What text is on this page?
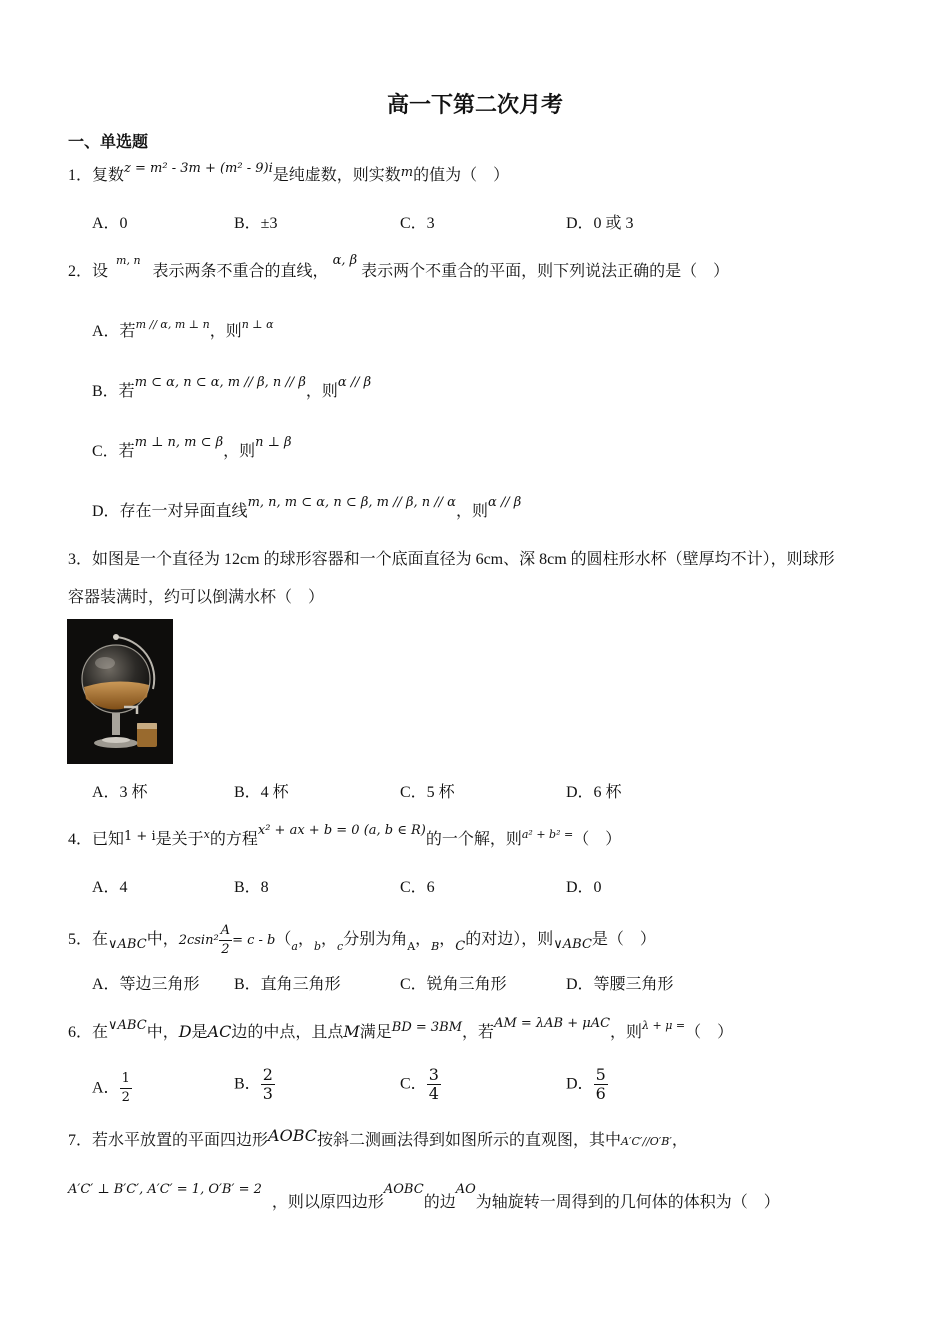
高一下第二次月考
一、单选题
1．复数$^{z = m^2 - 3m + (m^2 - 9)i}$是纯虚数，则实数$^m$的值为（　）
A．0	B．±3	C．3	D．0 或 3
2．设$^{m, n}$表示两条不重合的直线，$^{\alpha, \beta}$表示两个不重合的平面，则下列说法正确的是（　）
A．若$^{m // \alpha, m \perp n}$，则$^{n \perp \alpha}$
B．若$^{m \subset \alpha, n \subset \alpha, m // \beta, n // \beta}$，则$^{\alpha // \beta}$
C．若$^{m \perp n, m \subset \beta}$，则$^{n \perp \beta}$
D．存在一对异面直线$^{m, n, m \subset \alpha, n \subset \beta, m // \beta, n // \alpha}$，则$^{\alpha // \beta}$
3．如图是一个直径为 12cm 的球形容器和一个底面直径为 6cm、深 8cm 的圆柱形水杯（壁厚均不计），则球形
容器装满时，约可以倒满水杯（　）
A．3 杯	B．4 杯	C．5 杯	D．6 杯
4．已知$^{1 + i}$是关于$^x$的方程$^{x^2 + ax + b = 0 (a, b \in R)}$的一个解，则$^{a^2 + b^2 =}$（　）
A．4	B．8	C．6	D．0
5．在$_{\vee ABC}$中，$2csin^2 \frac{A}{2} = c - b(_a$，$_b$，$_c$分别为角$_A$，$_B$，$_C$的对边），则$_{\vee ABC}$是（　）
A．等边三角形 B．直角三角形	C．锐角三角形	D．等腰三角形
6．在$^{\vee ABC}$中，D是AC边的中点，且点M满足$^{BD = 3BM}$，若$^{AM = \lambda AB + \mu AC}$，则$^{\lambda + \mu =}$（　）
A． $\frac{1}{2}$	B． $\frac{2}{3}$	C． $\frac{3}{4}$	D． $\frac{5}{6}$
7．若水平放置的平面四边形AOBC按斜二测画法得到如图所示的直观图，其中A′C′//O′B′，
$^{A'C' \perp B'C', A'C' = 1, O'B' = 2}$，则以原四边形$^{AOBC}$的边$^{AO}$为轴旋转一周得到的几何体的体积为（　）
